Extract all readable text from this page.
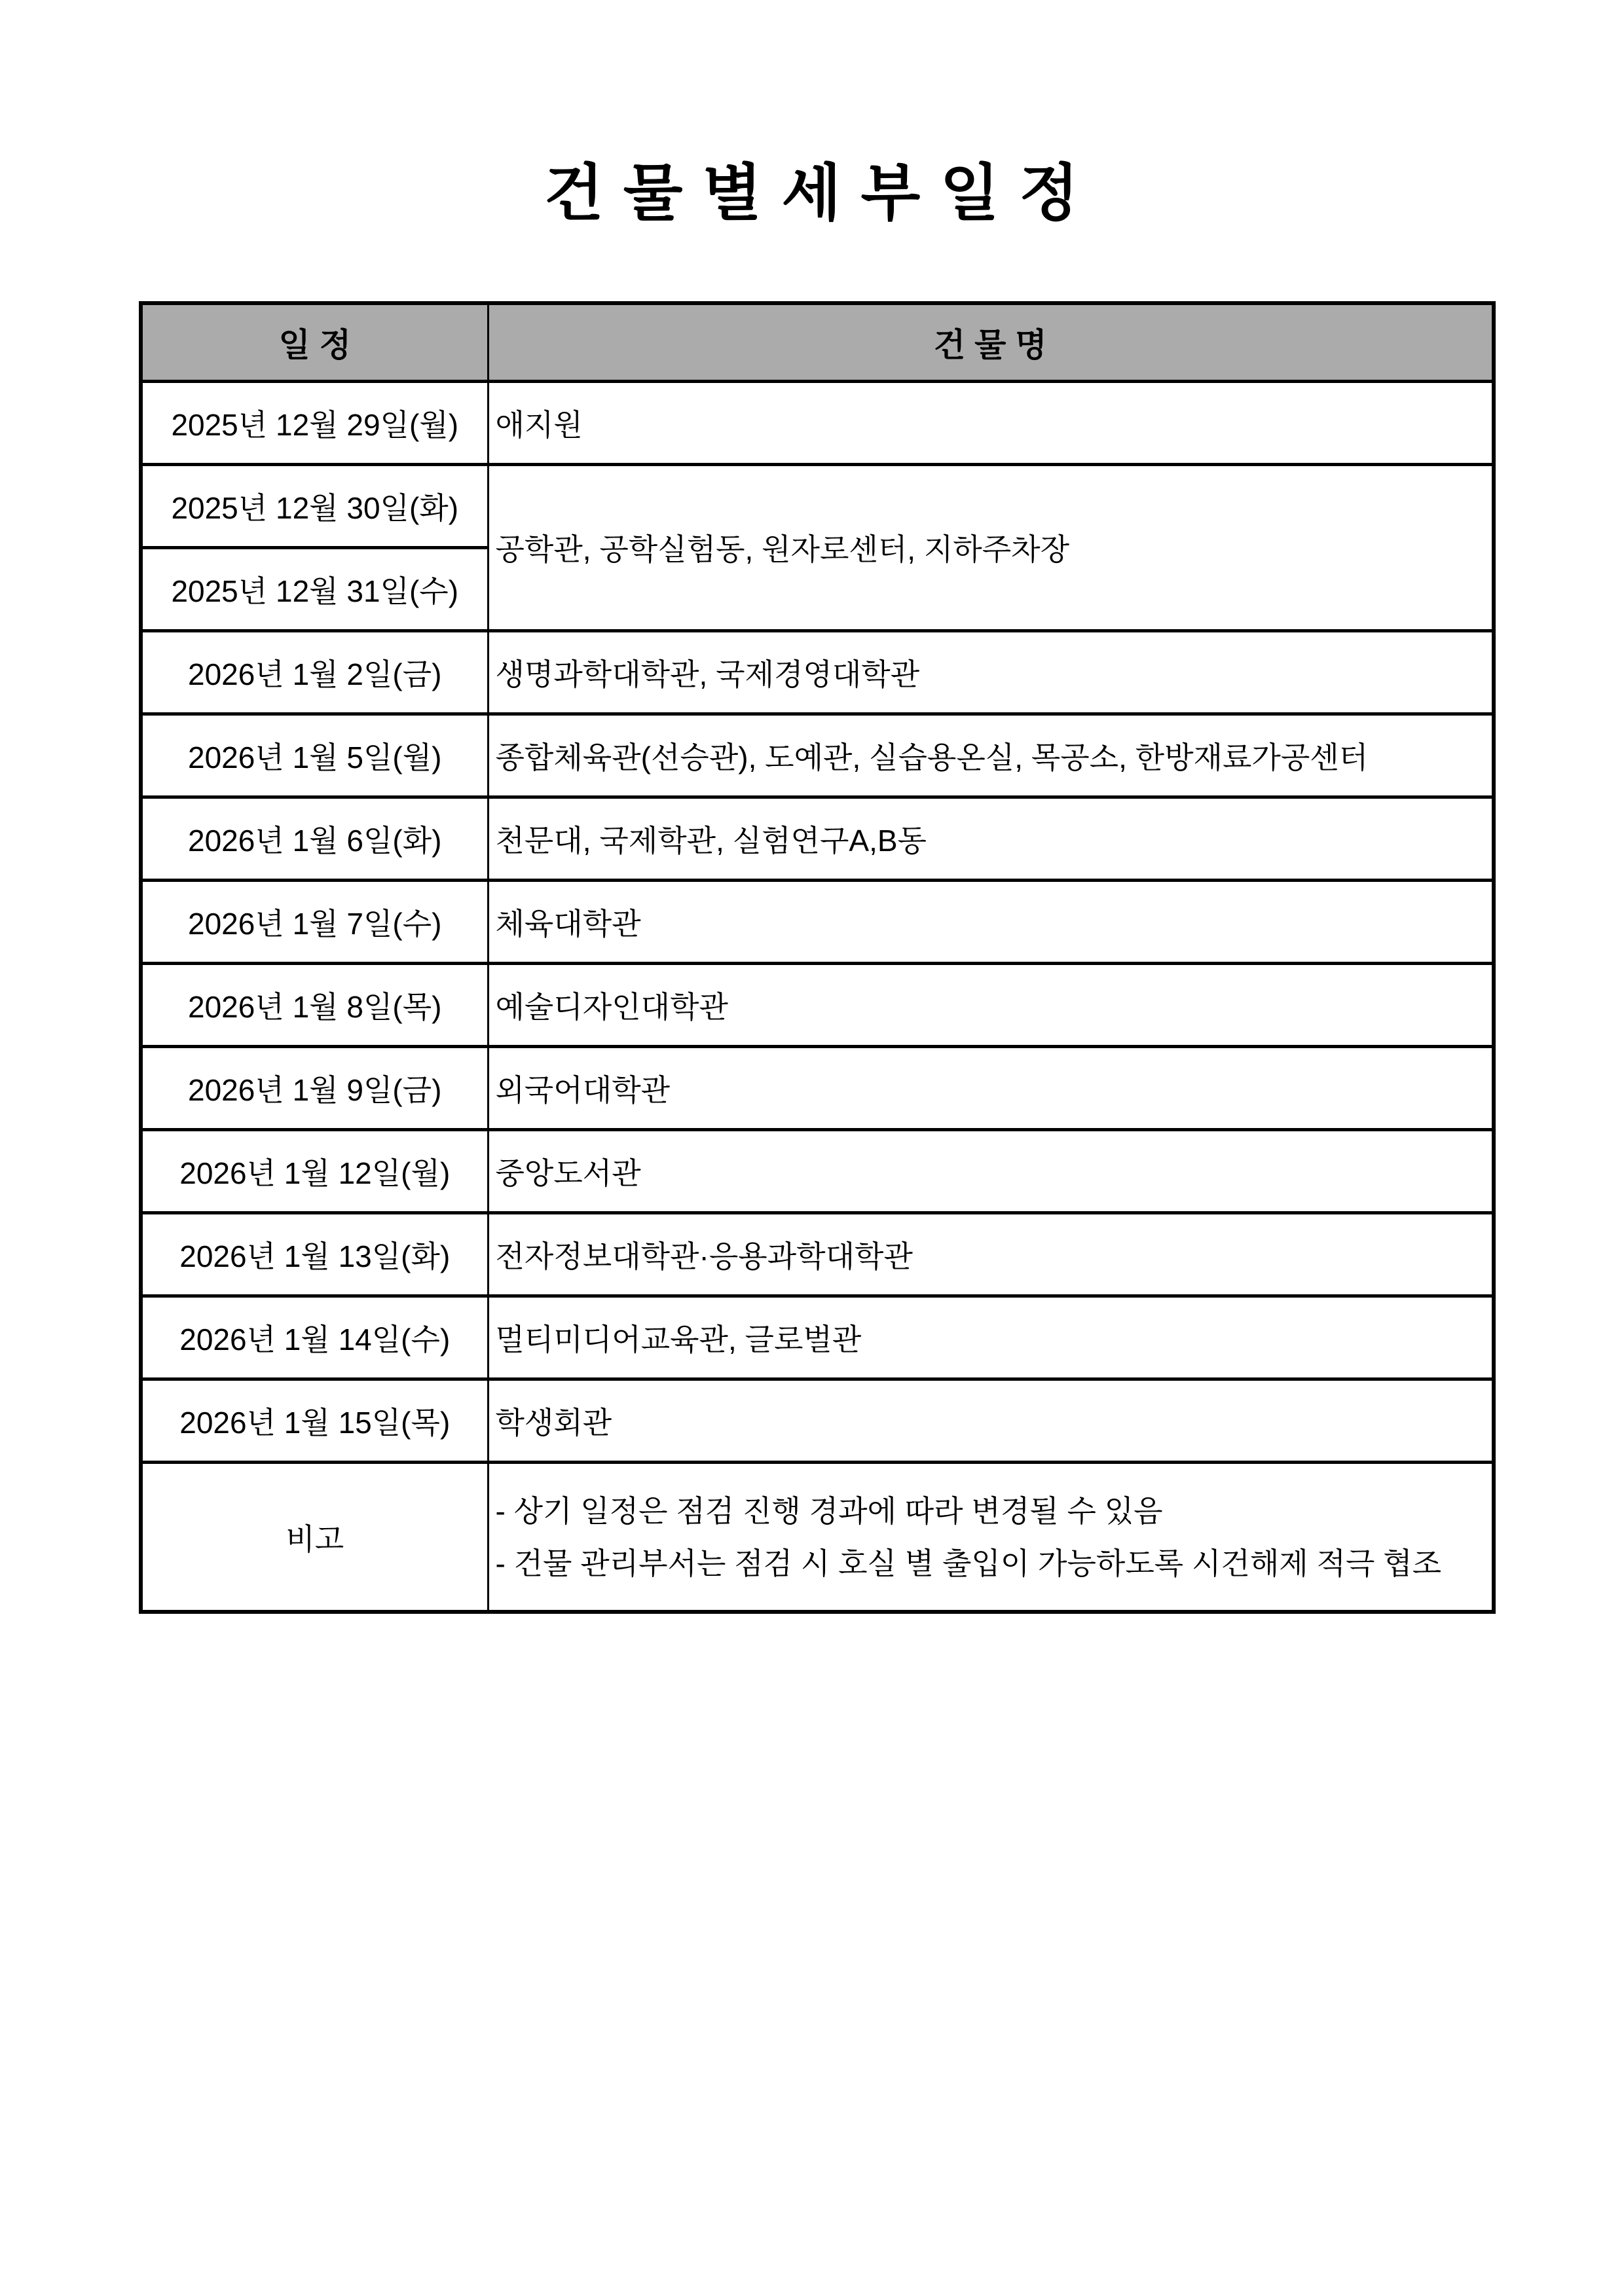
건 물 별 세 부 일 정
일 정	건 물 명
2025년 12월 29일(월)	애지원
2025년 12월 30일(화)	공학관, 공학실험동, 원자로센터, 지하주차장
2025년 12월 31일(수)	
2026년 1월 2일(금)	생명과학대학관, 국제경영대학관
2026년 1월 5일(월)	종합체육관(선승관), 도예관, 실습용온실, 목공소, 한방재료가공센터
2026년 1월 6일(화)	천문대, 국제학관, 실험연구A,B동
2026년 1월 7일(수)	체육대학관
2026년 1월 8일(목)	예술디자인대학관
2026년 1월 9일(금)	외국어대학관
2026년 1월 12일(월)	중앙도서관
2026년 1월 13일(화)	전자정보대학관·응용과학대학관
2026년 1월 14일(수)	멀티미디어교육관, 글로벌관
2026년 1월 15일(목)	학생회관
비고	- 상기 일정은 점검 진행 경과에 따라 변경될 수 있음
- 건물 관리부서는 점검 시 호실 별 출입이 가능하도록 시건해제 적극 협조
